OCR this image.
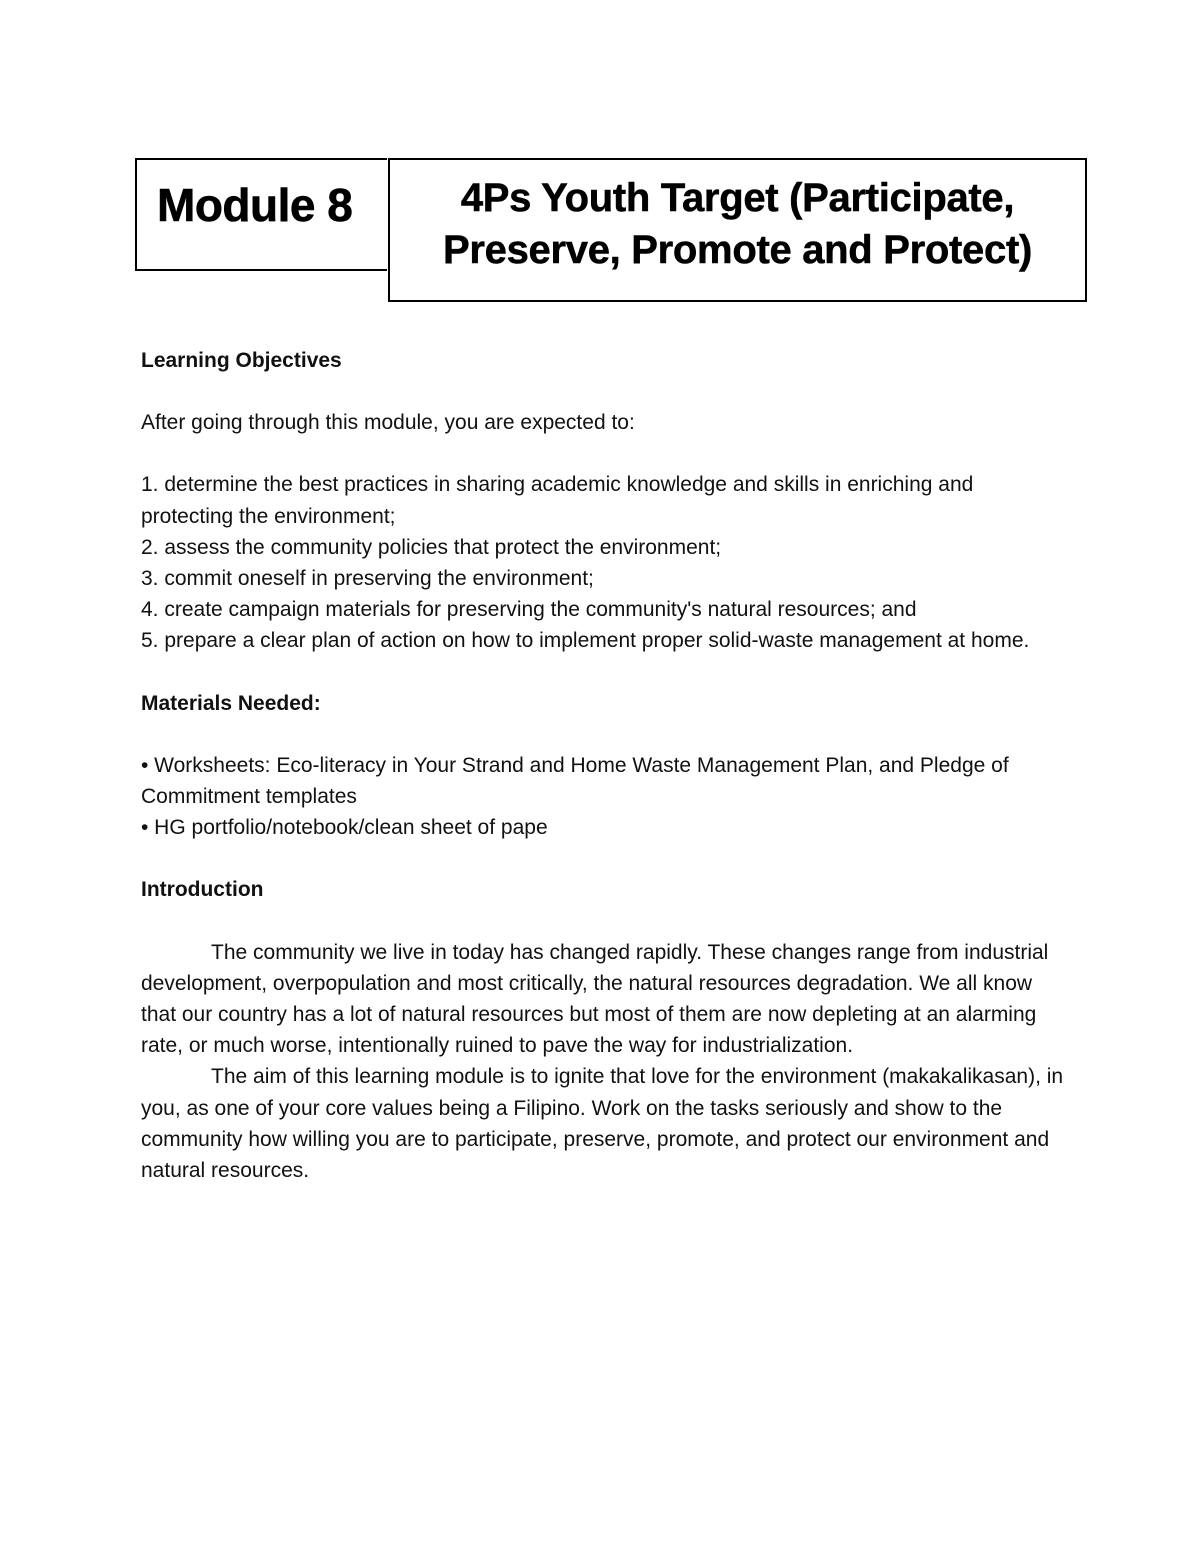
Module 8	4Ps Youth Target (Participate,
Preserve, Promote and Protect)

Learning Objectives

After going through this module, you are expected to:

1. determine the best practices in sharing academic knowledge and skills in enriching and protecting the environment;

2. assess the community policies that protect the environment;

3. commit oneself in preserving the environment;

4. create campaign materials for preserving the community's natural resources; and

5. prepare a clear plan of action on how to implement proper solid-waste management at home.

Materials Needed:

• Worksheets: Eco-literacy in Your Strand and Home Waste Management Plan, and Pledge of Commitment templates

• HG portfolio/notebook/clean sheet of pape

Introduction

The community we live in today has changed rapidly. These changes range from industrial development, overpopulation and most critically, the natural resources degradation. We all know that our country has a lot of natural resources but most of them are now depleting at an alarming rate, or much worse, intentionally ruined to pave the way for industrialization.

The aim of this learning module is to ignite that love for the environment (makakalikasan), in you, as one of your core values being a Filipino. Work on the tasks seriously and show to the community how willing you are to participate, preserve, promote, and protect our environment and natural resources.
